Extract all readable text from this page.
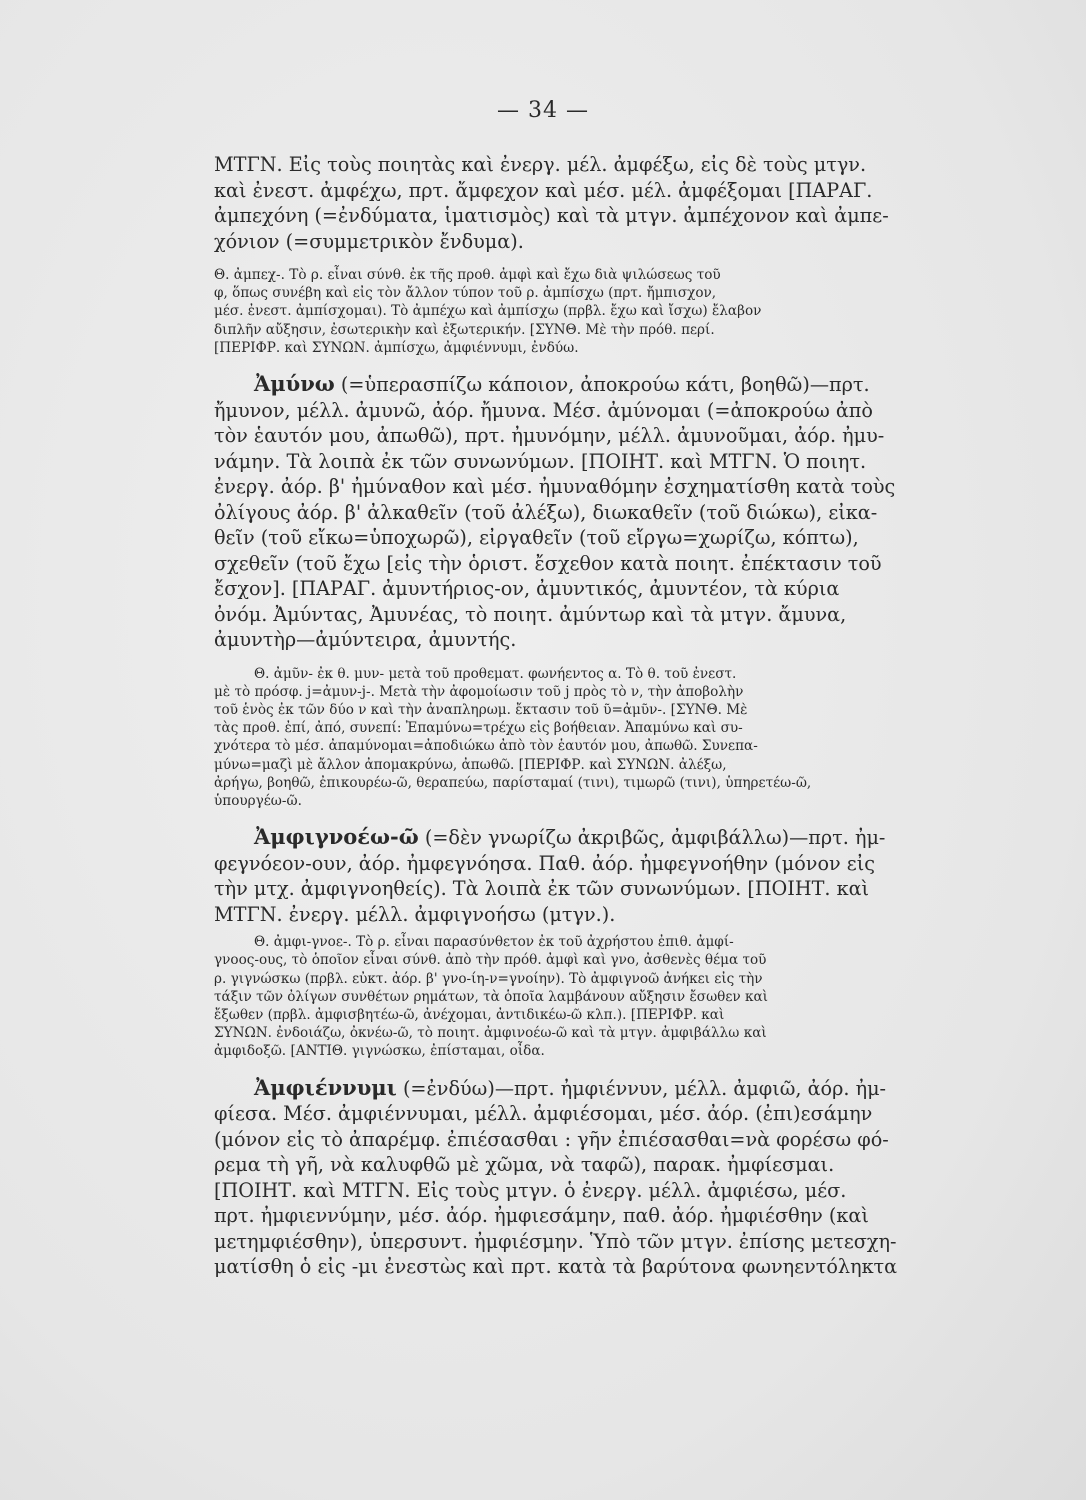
— 34 —

ΜΤΓΝ. Εἰς τοὺς ποιητὰς καὶ ἐνεργ. μέλ. ἀμφέξω, εἰς δὲ τοὺς μτγν.
καὶ ἐνεστ. ἀμφέχω, πρτ. ἄμφεχον καὶ μέσ. μέλ. ἀμφέξομαι [ΠΑΡΑΓ.
ἀμπεχόνη (=ἐνδύματα, ἱματισμὸς) καὶ τὰ μτγν. ἀμπέχονον καὶ ἀμπε-
χόνιον (=συμμετρικὸν ἔνδυμα).

Θ. ἀμπεχ-. Τὸ ρ. εἶναι σύνθ. ἐκ τῆς προθ. ἀμφὶ καὶ ἔχω διὰ ψιλώσεως τοῦ
φ, ὅπως συνέβη καὶ εἰς τὸν ἄλλον τύπον τοῦ ρ. ἀμπίσχω (πρτ. ἤμπισχον,
μέσ. ἐνεστ. ἀμπίσχομαι). Τὸ ἀμπέχω καὶ ἀμπίσχω (πρβλ. ἔχω καὶ ἴσχω) ἔλαβον
διπλῆν αὔξησιν, ἐσωτερικὴν καὶ ἐξωτερικήν. [ΣΥΝΘ. Μὲ τὴν πρόθ. περί.
[ΠΕΡΙΦΡ. καὶ ΣΥΝΩΝ. ἀμπίσχω, ἀμφιέννυμι, ἐνδύω.

Ἀμύνω (=ὑπερασπίζω κάποιον, ἀποκρούω κάτι, βοηθῶ)—πρτ.
ἤμυνον, μέλλ. ἀμυνῶ, ἀόρ. ἤμυνα. Μέσ. ἀμύνομαι (=ἀποκρούω ἀπὸ
τὸν ἑαυτόν μου, ἀπωθῶ), πρτ. ἠμυνόμην, μέλλ. ἀμυνοῦμαι, ἀόρ. ἠμυ-
νάμην. Τὰ λοιπὰ ἐκ τῶν συνωνύμων. [ΠΟΙΗΤ. καὶ ΜΤΓΝ. Ὁ ποιητ.
ἐνεργ. ἀόρ. β' ἠμύναθον καὶ μέσ. ἠμυναθόμην ἐσχηματίσθη κατὰ τοὺς
ὀλίγους ἀόρ. β' ἀλκαθεῖν (τοῦ ἀλέξω), διωκαθεῖν (τοῦ διώκω), εἰκα-
θεῖν (τοῦ εἴκω=ὑποχωρῶ), εἰργαθεῖν (τοῦ εἴργω=χωρίζω, κόπτω),
σχεθεῖν (τοῦ ἔχω [εἰς τὴν ὁριστ. ἔσχεθον κατὰ ποιητ. ἐπέκτασιν τοῦ
ἔσχον]. [ΠΑΡΑΓ. ἀμυντήριος-ον, ἀμυντικός, ἀμυντέον, τὰ κύρια
ὀνόμ. Ἀμύντας, Ἀμυνέας, τὸ ποιητ. ἀμύντωρ καὶ τὰ μτγν. ἄμυνα,
ἀμυντὴρ—ἀμύντειρα, ἀμυντής.

Θ. ἀμῦν- ἐκ θ. μυν- μετὰ τοῦ προθεματ. φωνήεντος α. Τὸ θ. τοῦ ἐνεστ.
μὲ τὸ πρόσφ. j=ἀμυν-j-. Μετὰ τὴν ἀφομοίωσιν τοῦ j πρὸς τὸ ν, τὴν ἀποβολὴν
τοῦ ἑνὸς ἐκ τῶν δύο ν καὶ τὴν ἀναπληρωμ. ἔκτασιν τοῦ ῦ=ἀμῦν-. [ΣΥΝΘ. Μὲ
τὰς προθ. ἐπί, ἀπό, συνεπί: Ἐπαμύνω=τρέχω εἰς βοήθειαν. Ἀπαμύνω καὶ συ-
χνότερα τὸ μέσ. ἀπαμύνομαι=ἀποδιώκω ἀπὸ τὸν ἑαυτόν μου, ἀπωθῶ. Συνεπα-
μύνω=μαζὶ μὲ ἄλλον ἀπομακρύνω, ἀπωθῶ. [ΠΕΡΙΦΡ. καὶ ΣΥΝΩΝ. ἀλέξω,
ἀρήγω, βοηθῶ, ἐπικουρέω-ῶ, θεραπεύω, παρίσταμαί (τινι), τιμωρῶ (τινι), ὑπηρετέω-ῶ,
ὑπουργέω-ῶ.

Ἀμφιγνοέω-ῶ (=δὲν γνωρίζω ἀκριβῶς, ἀμφιβάλλω)—πρτ. ἠμ-
φεγνόεον-ουν, ἀόρ. ἠμφεγνόησα. Παθ. ἀόρ. ἠμφεγνοήθην (μόνον εἰς
τὴν μτχ. ἀμφιγνοηθείς). Τὰ λοιπὰ ἐκ τῶν συνωνύμων. [ΠΟΙΗΤ. καὶ
ΜΤΓΝ. ἐνεργ. μέλλ. ἀμφιγνοήσω (μτγν.).

Θ. ἀμφι-γνοε-. Τὸ ρ. εἶναι παρασύνθετον ἐκ τοῦ ἀχρήστου ἐπιθ. ἀμφί-
γνοος-ους, τὸ ὁποῖον εἶναι σύνθ. ἀπὸ τὴν πρόθ. ἀμφὶ καὶ γνο, ἀσθενὲς θέμα τοῦ
ρ. γιγνώσκω (πρβλ. εὐκτ. ἀόρ. β' γνο-ίη-ν=γνοίην). Τὸ ἀμφιγνοῶ ἀνήκει εἰς τὴν
τάξιν τῶν ὀλίγων συνθέτων ρημάτων, τὰ ὁποῖα λαμβάνουν αὔξησιν ἔσωθεν καὶ
ἔξωθεν (πρβλ. ἀμφισβητέω-ῶ, ἀνέχομαι, ἀντιδικέω-ῶ κλπ.). [ΠΕΡΙΦΡ. καὶ
ΣΥΝΩΝ. ἐνδοιάζω, ὀκνέω-ῶ, τὸ ποιητ. ἀμφινοέω-ῶ καὶ τὰ μτγν. ἀμφιβάλλω καὶ
ἀμφιδοξῶ. [ΑΝΤΙΘ. γιγνώσκω, ἐπίσταμαι, οἶδα.

Ἀμφιέννυμι (=ἐνδύω)—πρτ. ἠμφιέννυν, μέλλ. ἀμφιῶ, ἀόρ. ἠμ-
φίεσα. Μέσ. ἀμφιέννυμαι, μέλλ. ἀμφιέσομαι, μέσ. ἀόρ. (ἐπι)εσάμην
(μόνον εἰς τὸ ἀπαρέμφ. ἐπιέσασθαι : γῆν ἐπιέσασθαι=νὰ φορέσω φό-
ρεμα τὴ γῆ, νὰ καλυφθῶ μὲ χῶμα, νὰ ταφῶ), παρακ. ἠμφίεσμαι.
[ΠΟΙΗΤ. καὶ ΜΤΓΝ. Εἰς τοὺς μτγν. ὁ ἐνεργ. μέλλ. ἀμφιέσω, μέσ.
πρτ. ἠμφιεννύμην, μέσ. ἀόρ. ἠμφιεσάμην, παθ. ἀόρ. ἠμφιέσθην (καὶ
μετημφιέσθην), ὑπερσυντ. ἠμφιέσμην. Ὑπὸ τῶν μτγν. ἐπίσης μετεσχη-
ματίσθη ὁ εἰς -μι ἐνεστὼς καὶ πρτ. κατὰ τὰ βαρύτονα φωνηεντόληκτα
